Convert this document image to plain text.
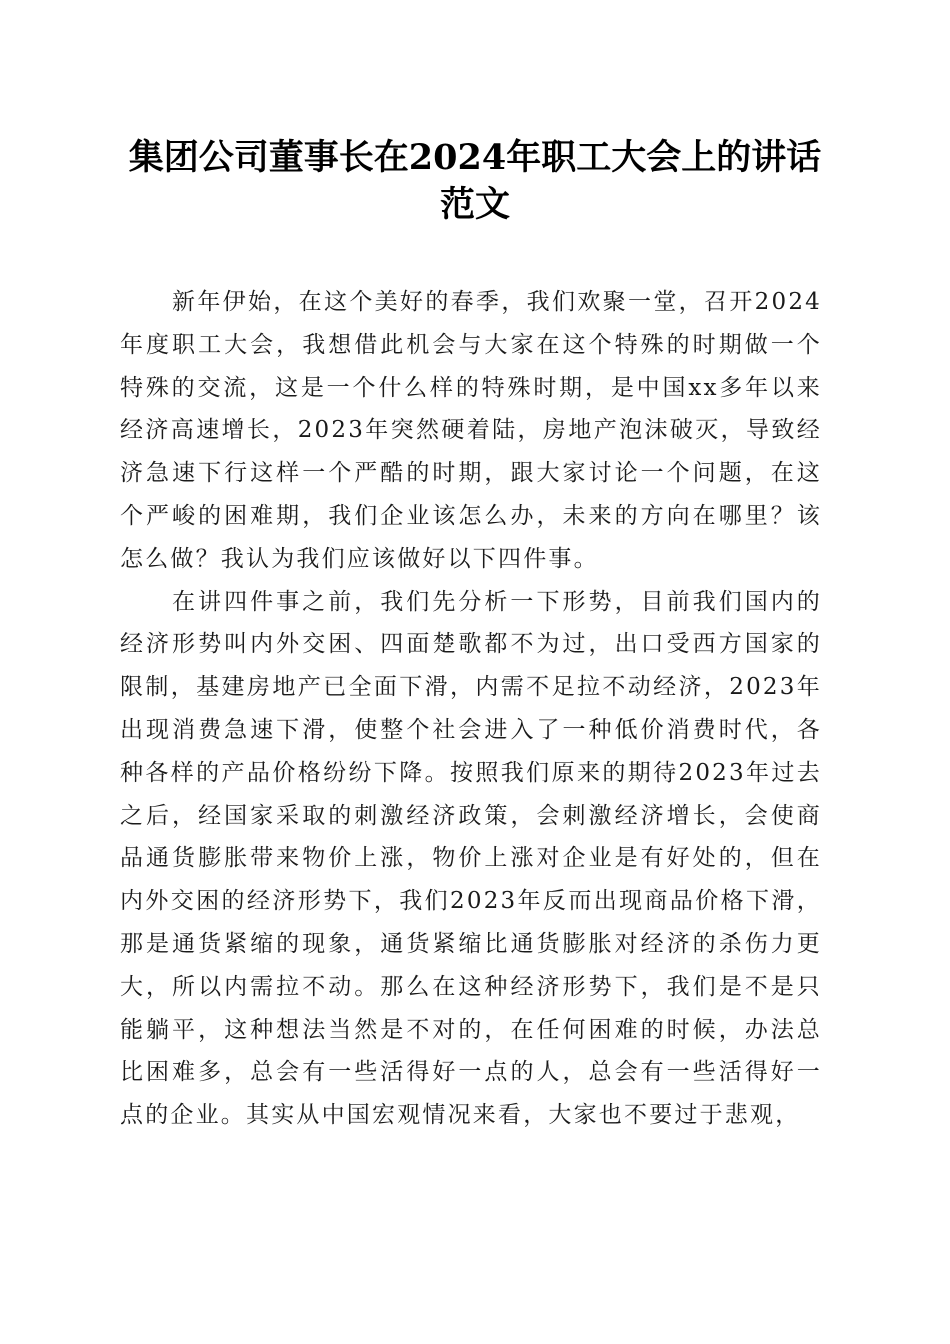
集团公司董事长在2024年职工大会上的讲话
范文

新年伊始，在这个美好的春季，我们欢聚一堂，召开2024年度职工大会，我想借此机会与大家在这个特殊的时期做一个特殊的交流，这是一个什么样的特殊时期，是中国xx多年以来经济高速增长，2023年突然硬着陆，房地产泡沫破灭，导致经济急速下行这样一个严酷的时期，跟大家讨论一个问题，在这个严峻的困难期，我们企业该怎么办，未来的方向在哪里？该怎么做？我认为我们应该做好以下四件事。

在讲四件事之前，我们先分析一下形势，目前我们国内的经济形势叫内外交困、四面楚歌都不为过，出口受西方国家的限制，基建房地产已全面下滑，内需不足拉不动经济，2023年出现消费急速下滑，使整个社会进入了一种低价消费时代，各种各样的产品价格纷纷下降。按照我们原来的期待2023年过去之后，经国家采取的刺激经济政策，会刺激经济增长，会使商品通货膨胀带来物价上涨，物价上涨对企业是有好处的，但在内外交困的经济形势下，我们2023年反而出现商品价格下滑，那是通货紧缩的现象，通货紧缩比通货膨胀对经济的杀伤力更大，所以内需拉不动。那么在这种经济形势下，我们是不是只能躺平，这种想法当然是不对的，在任何困难的时候，办法总比困难多，总会有一些活得好一点的人，总会有一些活得好一点的企业。其实从中国宏观情况来看，大家也不要过于悲观，
